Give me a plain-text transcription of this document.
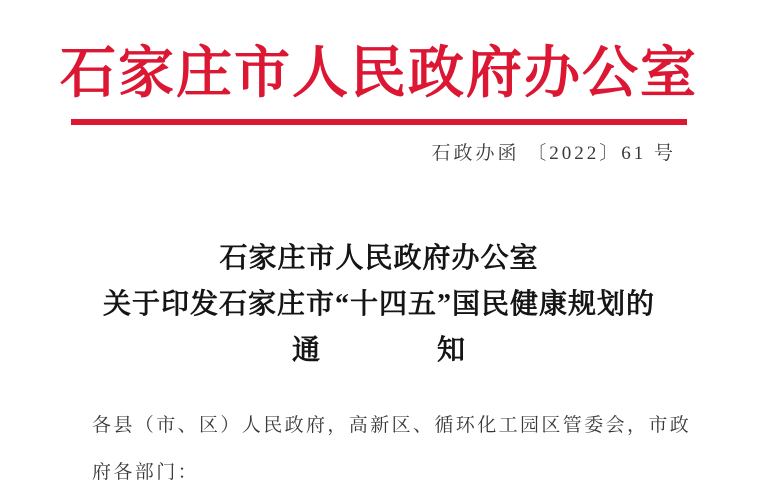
石家庄市人民政府办公室
石政办函 〔2022〕61 号
石家庄市人民政府办公室
关于印发石家庄市“十四五”国民健康规划的
通　　　　知
各县（市、区）人民政府，高新区、循环化工园区管委会，市政
府各部门：
